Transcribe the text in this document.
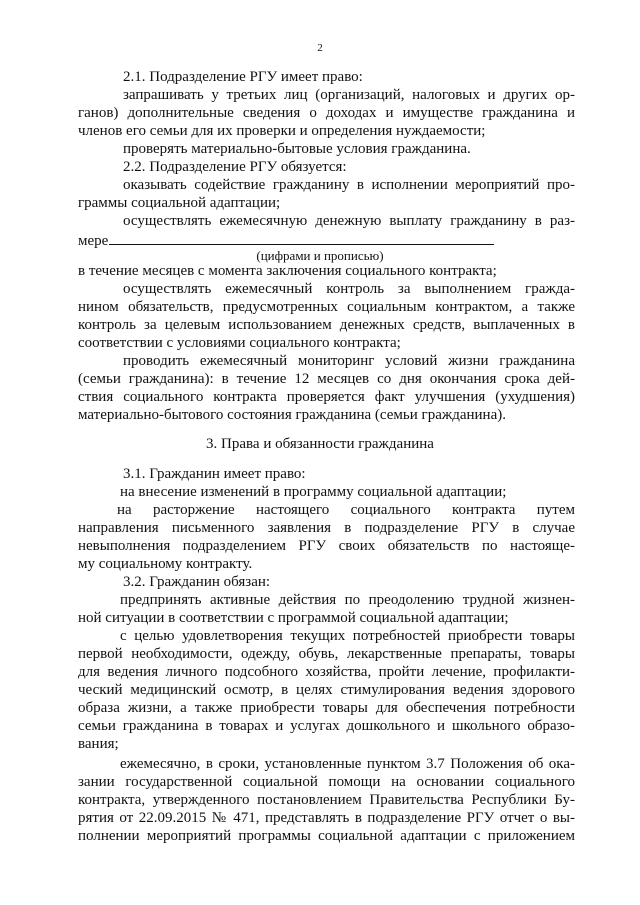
2
2.1. Подразделение РГУ имеет право:
запрашивать у третьих лиц (организаций, налоговых и других ор-
ганов) дополнительные сведения о доходах и имуществе гражданина и
членов его семьи для их проверки и определения нуждаемости;
проверять материально-бытовые условия гражданина.
2.2. Подразделение РГУ обязуется:
оказывать содействие гражданину в исполнении мероприятий про-
граммы социальной адаптации;
осуществлять ежемесячную денежную выплату гражданину в раз-
мере
(цифрами и прописью)
в течение месяцев с момента заключения социального контракта;
осуществлять ежемесячный контроль за выполнением гражда-
нином обязательств, предусмотренных социальным контрактом, а также
контроль за целевым использованием денежных средств, выплаченных в
соответствии с условиями социального контракта;
проводить ежемесячный мониторинг условий жизни гражданина
(семьи гражданина): в течение 12 месяцев со дня окончания срока дей-
ствия социального контракта проверяется факт улучшения (ухудшения)
материально-бытового состояния гражданина (семьи гражданина).
3. Права и обязанности гражданина
3.1. Гражданин имеет право:
на внесение изменений в программу социальной адаптации;
на расторжение настоящего социального контракта путем
направления письменного заявления в подразделение РГУ в случае
невыполнения подразделением РГУ своих обязательств по настояще-
му социальному контракту.
3.2. Гражданин обязан:
предпринять активные действия по преодолению трудной жизнен-
ной ситуации в соответствии с программой социальной адаптации;
с целью удовлетворения текущих потребностей приобрести товары
первой необходимости, одежду, обувь, лекарственные препараты, товары
для ведения личного подсобного хозяйства, пройти лечение, профилакти-
ческий медицинский осмотр, в целях стимулирования ведения здорового
образа жизни, а также приобрести товары для обеспечения потребности
семьи гражданина в товарах и услугах дошкольного и школьного образо-
вания;
ежемесячно, в сроки, установленные пунктом 3.7 Положения об ока-
зании государственной социальной помощи на основании социального
контракта, утвержденного постановлением Правительства Республики Бу-
рятия от 22.09.2015 № 471, представлять в подразделение РГУ отчет о вы-
полнении мероприятий программы социальной адаптации с приложением
